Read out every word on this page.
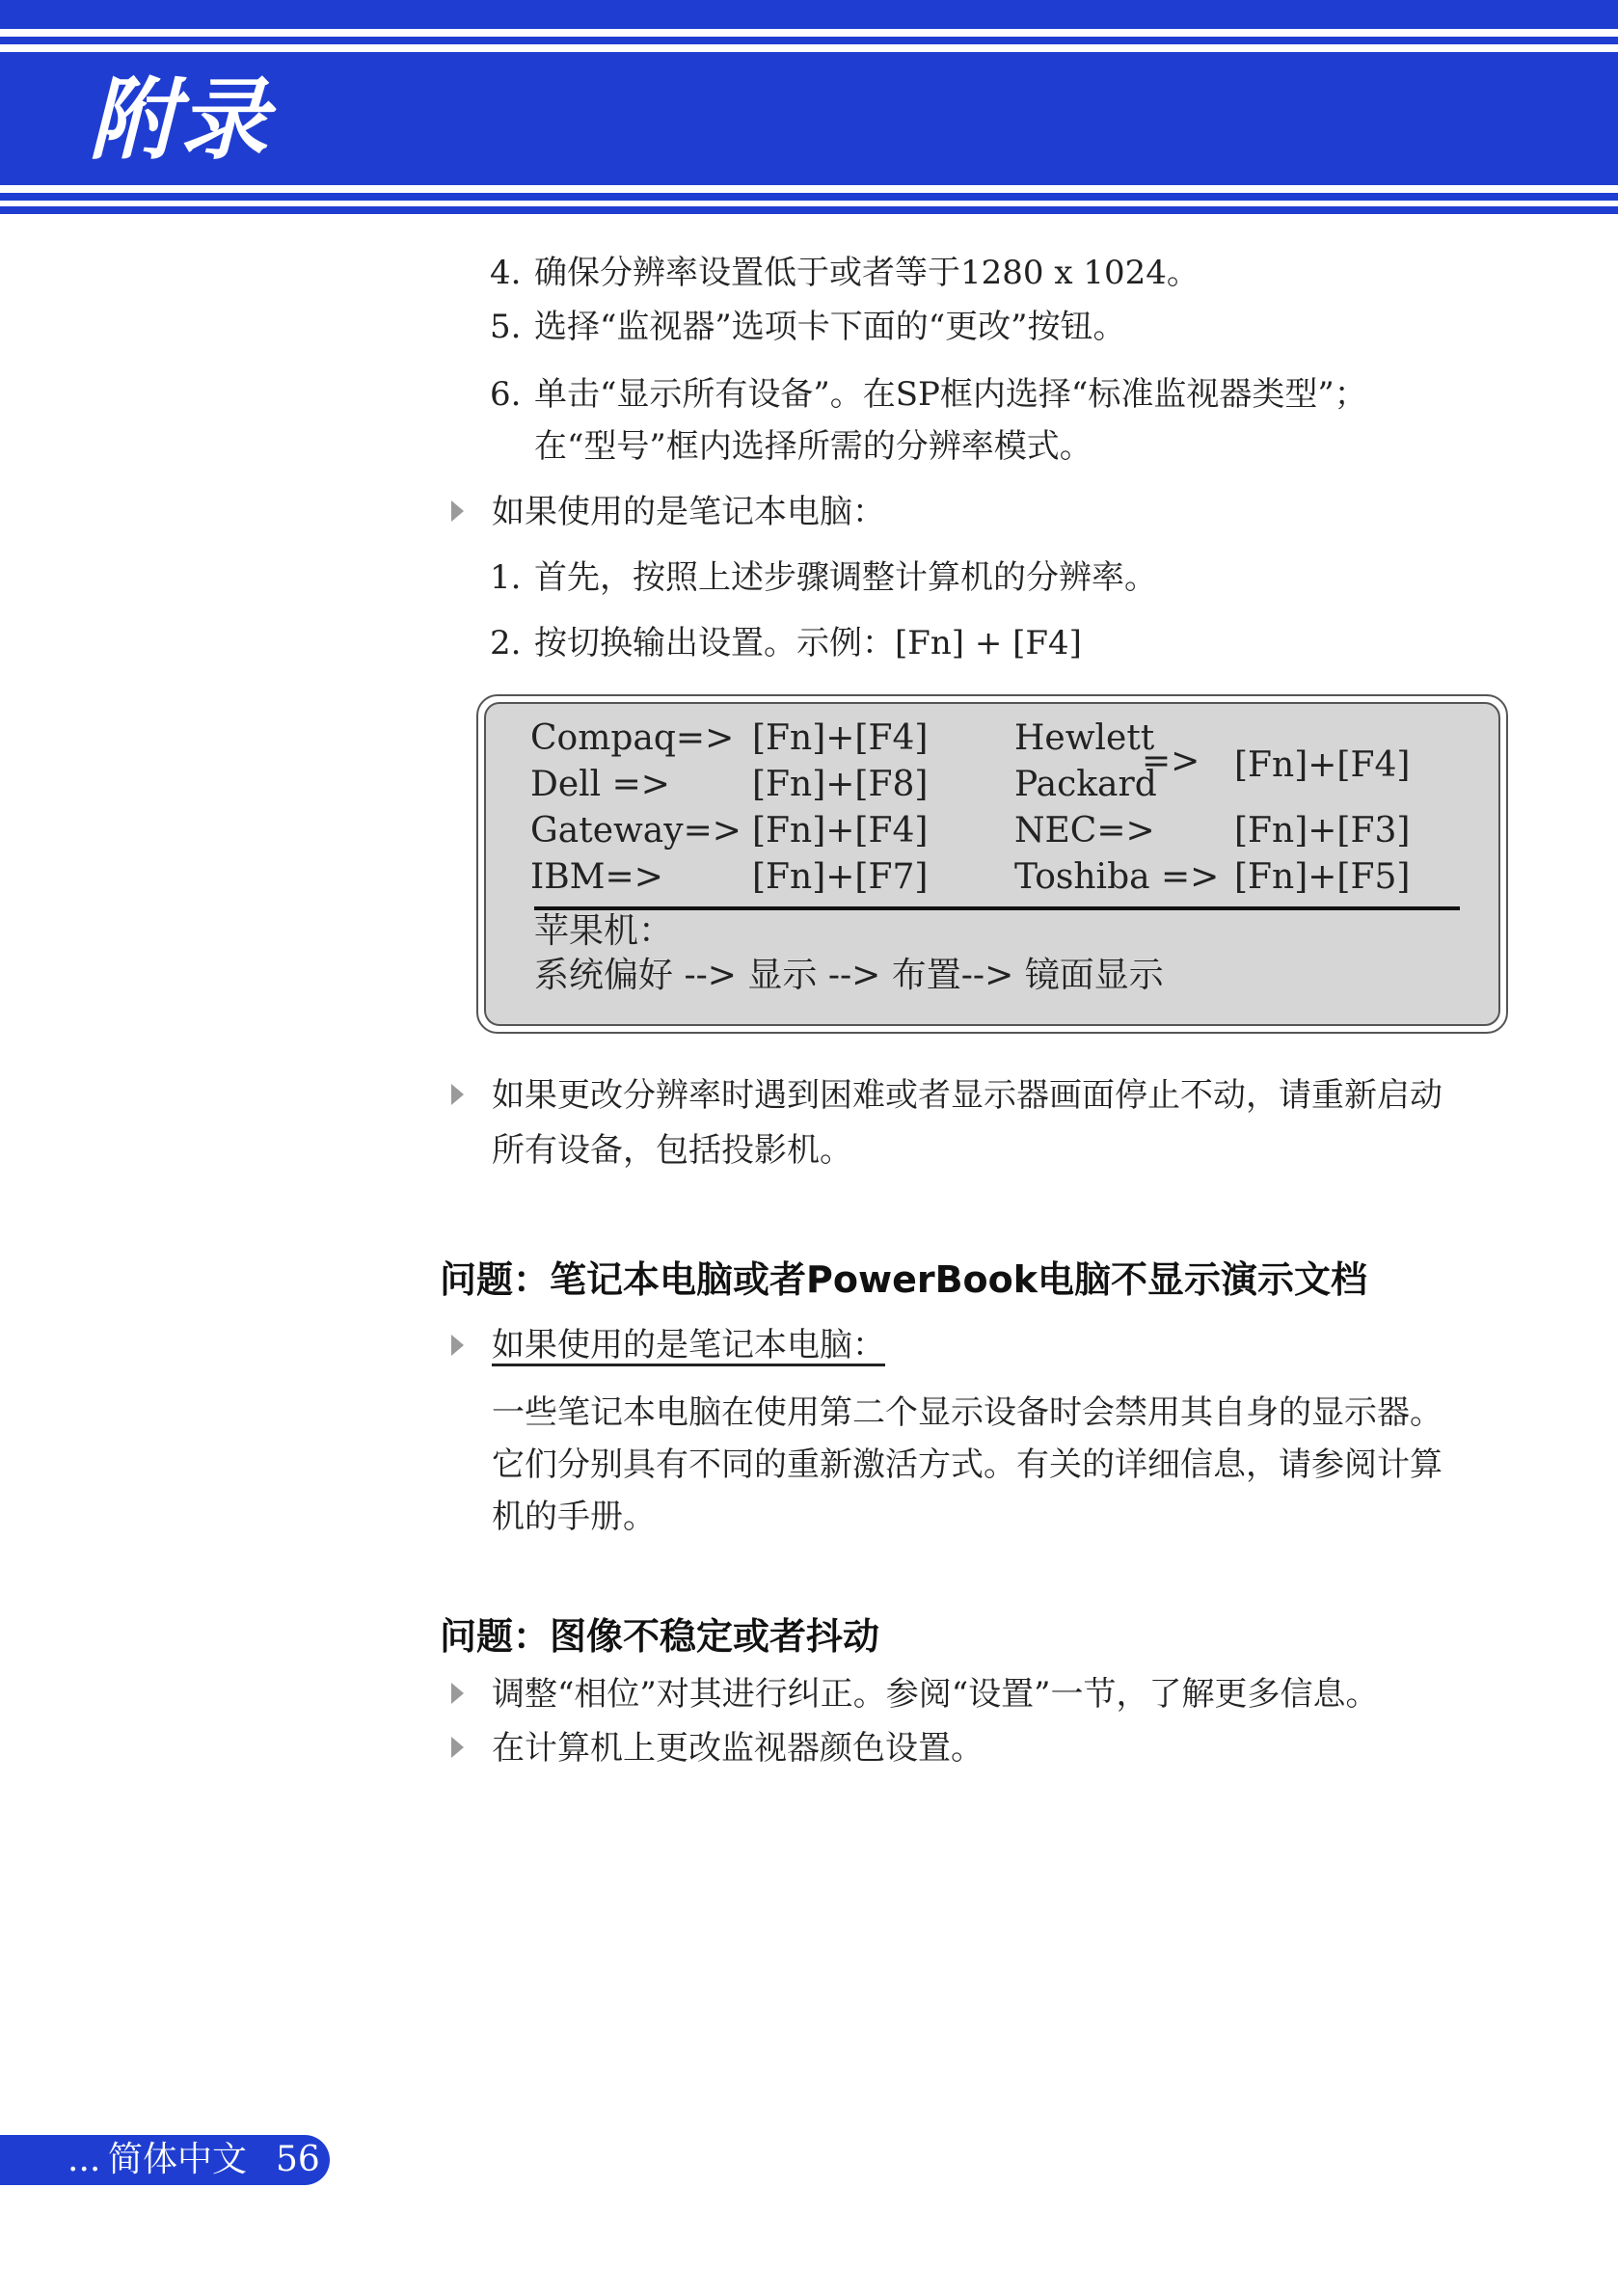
附录
4. 确保分辨率设置低于或者等于1280 x 1024。
5. 选择“监视器”选项卡下面的“更改”按钮。
6. 单击“显示所有设备”。在SP框内选择“标准监视器类型”；
在“型号”框内选择所需的分辨率模式。
如果使用的是笔记本电脑：
1. 首先，按照上述步骤调整计算机的分辨率。
2. 按切换输出设置。示例：[Fn] + [F4]
Compaq=> [Fn]+[F4]
Dell => [Fn]+[F8]
Gateway=> [Fn]+[F4]
IBM=>	[Fn]+[F7]
Hewlett
Packard
=> [Fn]+[F4]
NEC=> [Fn]+[F3]
Toshiba => [Fn]+[F5]
苹果机：
系统偏好 --> 显示 --> 布置--> 镜面显示
如果更改分辨率时遇到困难或者显示器画面停止不动，请重新启动
所有设备，包括投影机。
问题：笔记本电脑或者PowerBook电脑不显示演示文档
如果使用的是笔记本电脑：
一些笔记本电脑在使用第二个显示设备时会禁用其自身的显示器。
它们分别具有不同的重新激活方式。有关的详细信息，请参阅计算
机的手册。
问题：图像不稳定或者抖动
调整“相位”对其进行纠正。参阅“设置”一节，了解更多信息。
在计算机上更改监视器颜色设置。
... 简体中文 56
